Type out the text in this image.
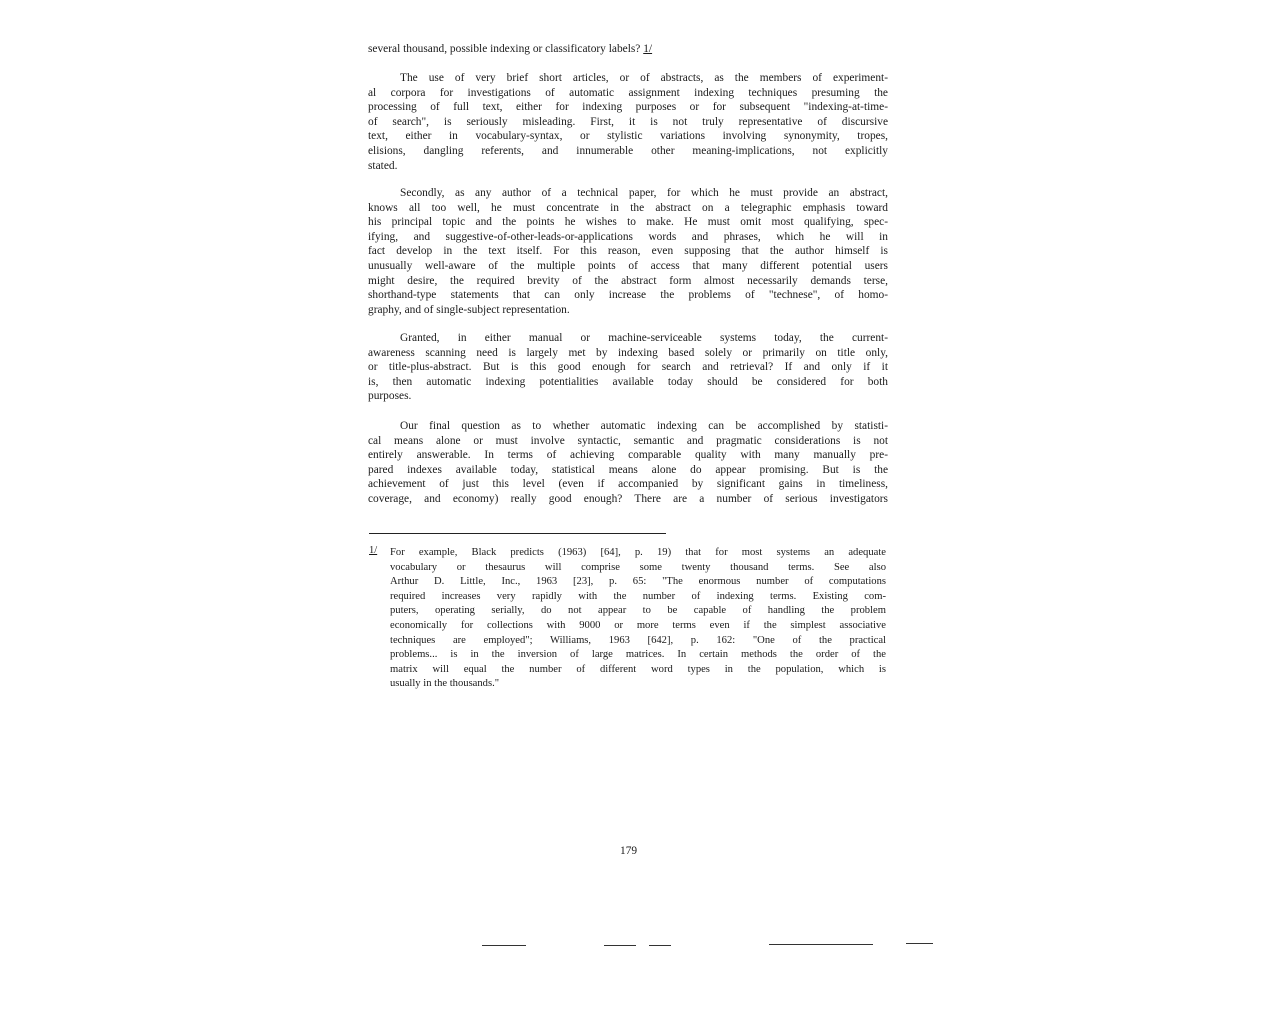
several thousand, possible indexing or classificatory labels? 1/
The use of very brief short articles, or of abstracts, as the members of experiment-
al corpora for investigations of automatic assignment indexing techniques presuming the
processing of full text, either for indexing purposes or for subsequent "indexing-at-time-
of search", is seriously misleading. First, it is not truly representative of discursive
text, either in vocabulary-syntax, or stylistic variations involving synonymity, tropes,
elisions, dangling referents, and innumerable other meaning-implications, not explicitly
stated.
Secondly, as any author of a technical paper, for which he must provide an abstract,
knows all too well, he must concentrate in the abstract on a telegraphic emphasis toward
his principal topic and the points he wishes to make. He must omit most qualifying, spec-
ifying, and suggestive-of-other-leads-or-applications words and phrases, which he will in
fact develop in the text itself. For this reason, even supposing that the author himself is
unusually well-aware of the multiple points of access that many different potential users
might desire, the required brevity of the abstract form almost necessarily demands terse,
shorthand-type statements that can only increase the problems of "technese", of homo-
graphy, and of single-subject representation.
Granted, in either manual or machine-serviceable systems today, the current-
awareness scanning need is largely met by indexing based solely or primarily on title only,
or title-plus-abstract. But is this good enough for search and retrieval? If and only if it
is, then automatic indexing potentialities available today should be considered for both
purposes.
Our final question as to whether automatic indexing can be accomplished by statisti-
cal means alone or must involve syntactic, semantic and pragmatic considerations is not
entirely answerable. In terms of achieving comparable quality with many manually pre-
pared indexes available today, statistical means alone do appear promising. But is the
achievement of just this level (even if accompanied by significant gains in timeliness,
coverage, and economy) really good enough? There are a number of serious investigators
1/ For example, Black predicts (1963) [64], p. 19) that for most systems an adequate
vocabulary or thesaurus will comprise some twenty thousand terms. See also
Arthur D. Little, Inc., 1963 [23], p. 65: "The enormous number of computations
required increases very rapidly with the number of indexing terms. Existing com-
puters, operating serially, do not appear to be capable of handling the problem
economically for collections with 9000 or more terms even if the simplest associative
techniques are employed"; Williams, 1963 [642], p. 162: "One of the practical
problems... is in the inversion of large matrices. In certain methods the order of the
matrix will equal the number of different word types in the population, which is
usually in the thousands."
179
